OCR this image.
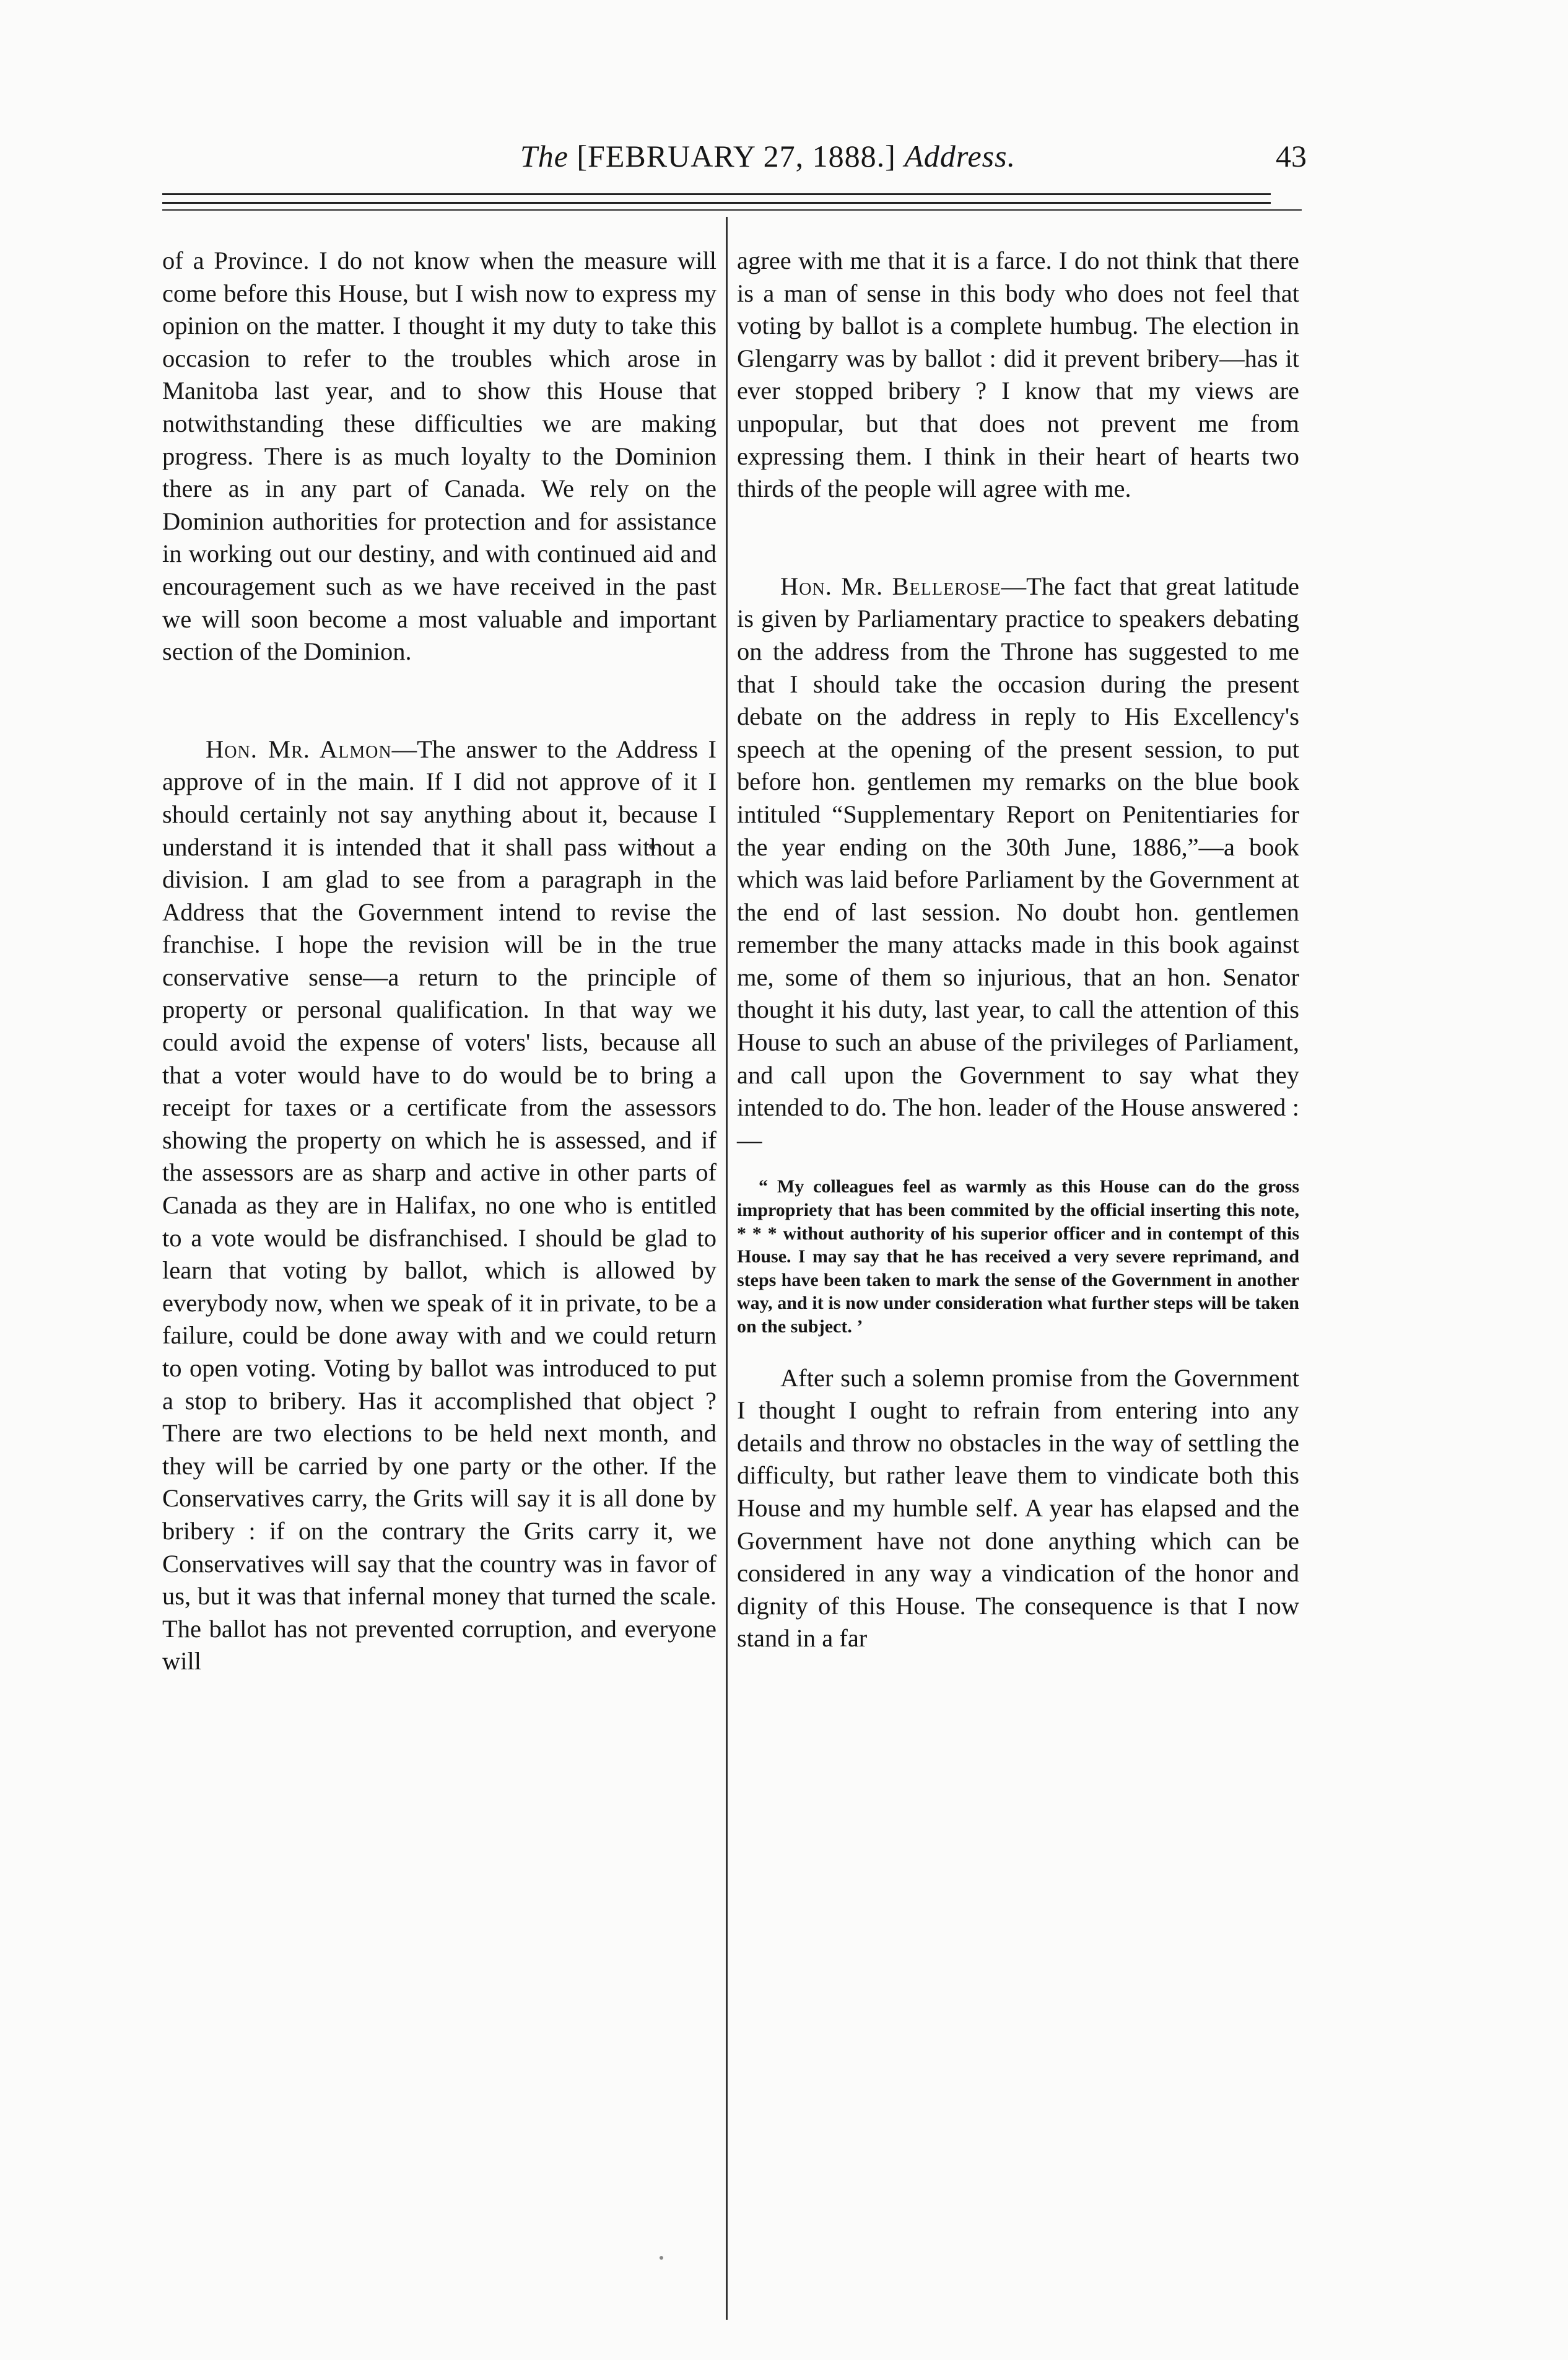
The [FEBRUARY 27, 1888.] Address.	43

of a Province. I do not know when the measure will come before this House, but I wish now to express my opinion on the matter. I thought it my duty to take this occasion to refer to the troubles which arose in Manitoba last year, and to show this House that notwithstanding these difficulties we are making progress. There is as much loyalty to the Dominion there as in any part of Canada. We rely on the Dominion authorities for protection and for assistance in working out our destiny, and with continued aid and encouragement such as we have received in the past we will soon become a most valuable and important section of the Dominion.

Hon. Mr. Almon—The answer to the Address I approve of in the main. If I did not approve of it I should certainly not say anything about it, because I understand it is intended that it shall pass without a division. I am glad to see from a paragraph in the Address that the Government intend to revise the franchise. I hope the revision will be in the true conservative sense—a return to the principle of property or personal qualification. In that way we could avoid the expense of voters' lists, because all that a voter would have to do would be to bring a receipt for taxes or a certificate from the assessors showing the property on which he is assessed, and if the assessors are as sharp and active in other parts of Canada as they are in Halifax, no one who is entitled to a vote would be disfranchised. I should be glad to learn that voting by ballot, which is allowed by everybody now, when we speak of it in private, to be a failure, could be done away with and we could return to open voting. Voting by ballot was introduced to put a stop to bribery. Has it accomplished that object ? There are two elections to be held next month, and they will be carried by one party or the other. If the Conservatives carry, the Grits will say it is all done by bribery : if on the contrary the Grits carry it, we Conservatives will say that the country was in favor of us, but it was that infernal money that turned the scale. The ballot has not prevented corruption, and everyone will

agree with me that it is a farce. I do not think that there is a man of sense in this body who does not feel that voting by ballot is a complete humbug. The election in Glengarry was by ballot : did it prevent bribery—has it ever stopped bribery ? I know that my views are unpopular, but that does not prevent me from expressing them. I think in their heart of hearts two thirds of the people will agree with me.

Hon. Mr. Bellerose—The fact that great latitude is given by Parliamentary practice to speakers debating on the address from the Throne has suggested to me that I should take the occasion during the present debate on the address in reply to His Excellency's speech at the opening of the present session, to put before hon. gentlemen my remarks on the blue book intituled “Supplementary Report on Penitentiaries for the year ending on the 30th June, 1886,”—a book which was laid before Parliament by the Government at the end of last session. No doubt hon. gentlemen remember the many attacks made in this book against me, some of them so injurious, that an hon. Senator thought it his duty, last year, to call the attention of this House to such an abuse of the privileges of Parliament, and call upon the Government to say what they intended to do. The hon. leader of the House answered :—

“ My colleagues feel as warmly as this House can do the gross impropriety that has been commited by the official inserting this note, * * * without authority of his superior officer and in contempt of this House. I may say that he has received a very severe reprimand, and steps have been taken to mark the sense of the Government in another way, and it is now under consideration what further steps will be taken on the subject. ’

After such a solemn promise from the Government I thought I ought to refrain from entering into any details and throw no obstacles in the way of settling the difficulty, but rather leave them to vindicate both this House and my humble self. A year has elapsed and the Government have not done anything which can be considered in any way a vindication of the honor and dignity of this House. The consequence is that I now stand in a far
